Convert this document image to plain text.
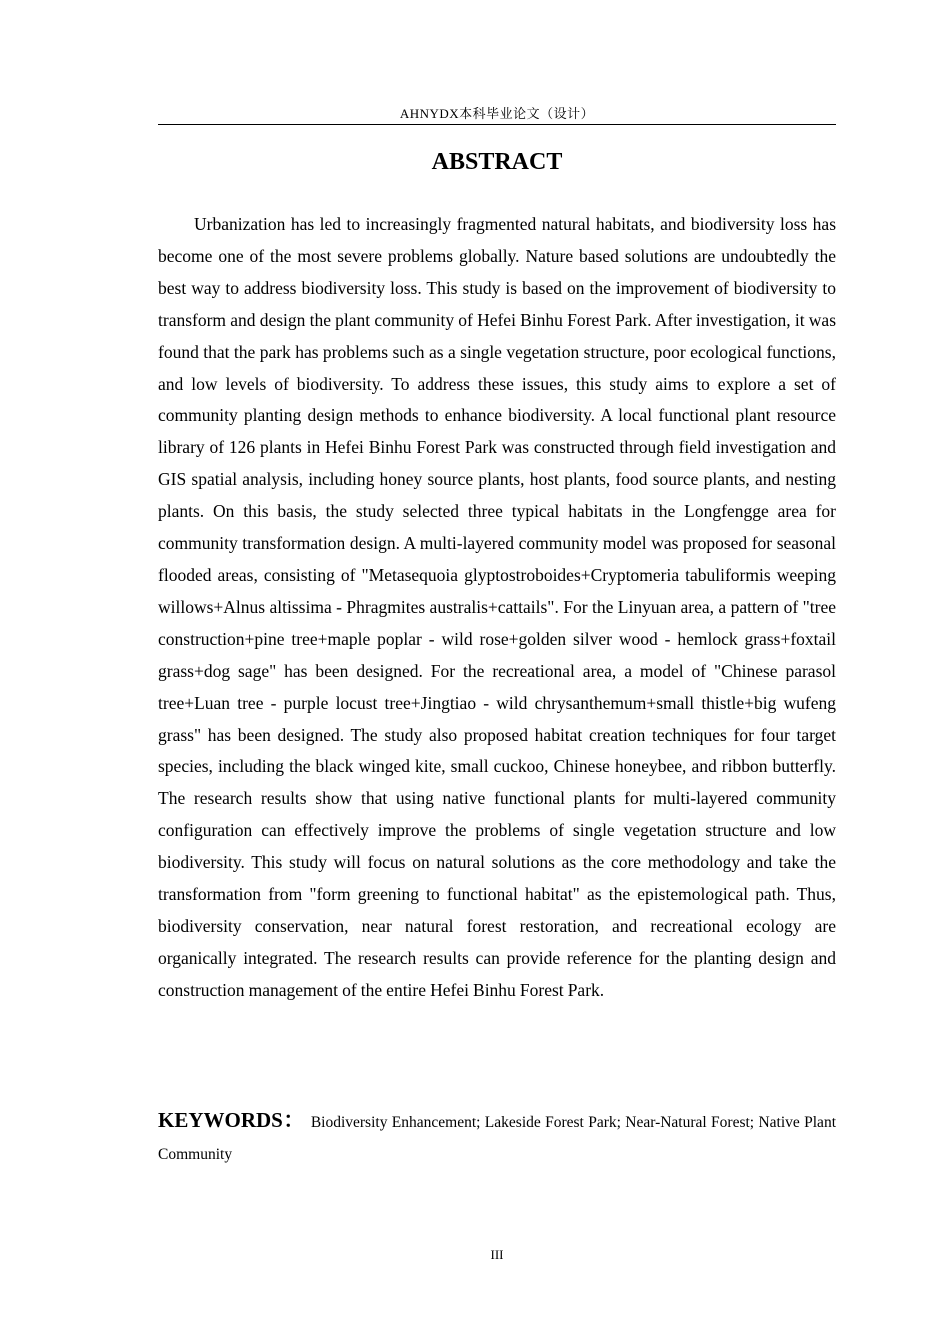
AHNYDX本科毕业论文（设计）
ABSTRACT

Urbanization has led to increasingly fragmented natural habitats, and biodiversity loss has become one of the most severe problems globally. Nature based solutions are undoubtedly the best way to address biodiversity loss. This study is based on the improvement of biodiversity to transform and design the plant community of Hefei Binhu Forest Park. After investigation, it was found that the park has problems such as a single vegetation structure, poor ecological functions, and low levels of biodiversity. To address these issues, this study aims to explore a set of community planting design methods to enhance biodiversity. A local functional plant resource library of 126 plants in Hefei Binhu Forest Park was constructed through field investigation and GIS spatial analysis, including honey source plants, host plants, food source plants, and nesting plants. On this basis, the study selected three typical habitats in the Longfengge area for community transformation design. A multi-layered community model was proposed for seasonal flooded areas, consisting of "Metasequoia glyptostroboides+Cryptomeria tabuliformis weeping willows+Alnus altissima - Phragmites australis+cattails". For the Linyuan area, a pattern of "tree construction+pine tree+maple poplar - wild rose+golden silver wood - hemlock grass+foxtail grass+dog sage" has been designed. For the recreational area, a model of "Chinese parasol tree+Luan tree - purple locust tree+Jingtiao - wild chrysanthemum+small thistle+big wufeng grass" has been designed. The study also proposed habitat creation techniques for four target species, including the black winged kite, small cuckoo, Chinese honeybee, and ribbon butterfly. The research results show that using native functional plants for multi-layered community configuration can effectively improve the problems of single vegetation structure and low biodiversity. This study will focus on natural solutions as the core methodology and take the transformation from "form greening to functional habitat" as the epistemological path. Thus, biodiversity conservation, near natural forest restoration, and recreational ecology are organically integrated. The research results can provide reference for the planting design and construction management of the entire Hefei Binhu Forest Park.

KEYWORDS： Biodiversity Enhancement; Lakeside Forest Park; Near-Natural Forest; Native Plant Community

III
